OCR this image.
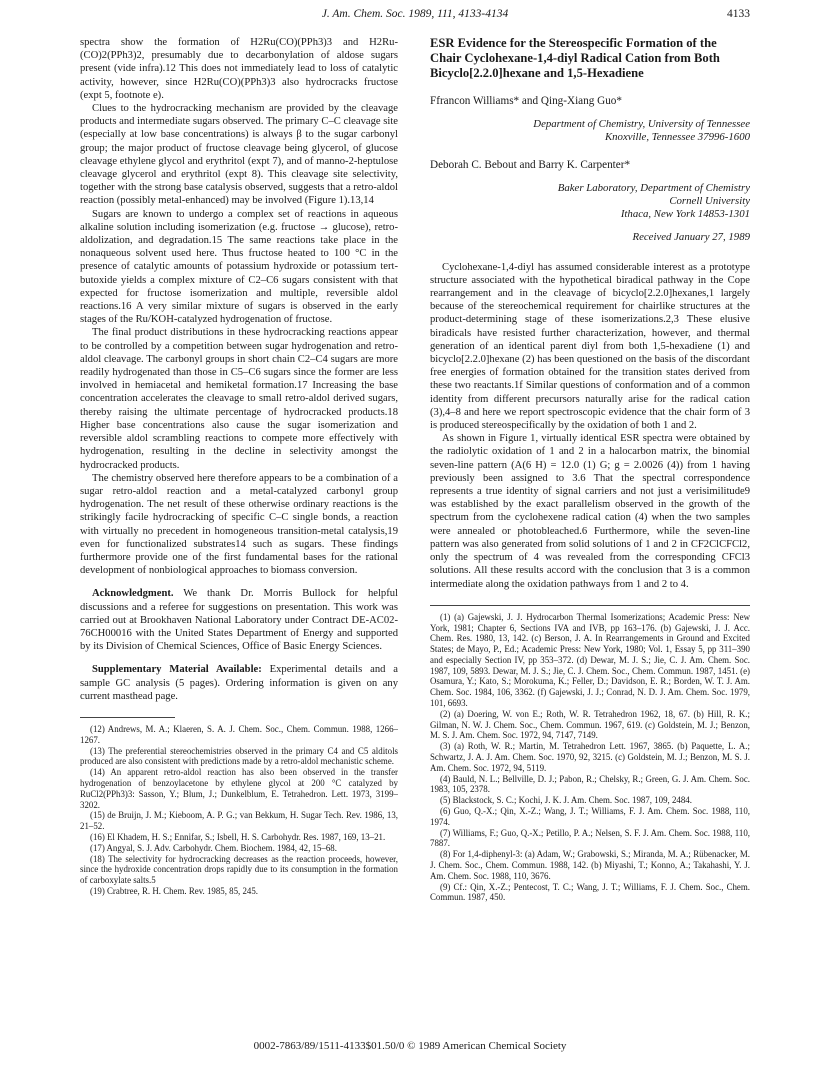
J. Am. Chem. Soc. 1989, 111, 4133-4134	4133

spectra show the formation of H2Ru(CO)(PPh3)3 and H2Ru-(CO)2(PPh3)2, presumably due to decarbonylation of aldose sugars present (vide infra).12 This does not immediately lead to loss of catalytic activity, however, since H2Ru(CO)(PPh3)3 also hydrocracks fructose (expt 5, footnote e).

Clues to the hydrocracking mechanism are provided by the cleavage products and intermediate sugars observed. The primary C–C cleavage site (especially at low base concentrations) is always β to the sugar carbonyl group; the major product of fructose cleavage being glycerol, of glucose cleavage ethylene glycol and erythritol (expt 7), and of manno-2-heptulose cleavage glycerol and erythritol (expt 8). This cleavage site selectivity, together with the strong base catalysis observed, suggests that a retro-aldol reaction (possibly metal-enhanced) may be involved (Figure 1).13,14

Sugars are known to undergo a complex set of reactions in aqueous alkaline solution including isomerization (e.g. fructose → glucose), retro-aldolization, and degradation.15 The same reactions take place in the nonaqueous solvent used here. Thus fructose heated to 100 °C in the presence of catalytic amounts of potassium hydroxide or potassium tert-butoxide yields a complex mixture of C2–C6 sugars consistent with that expected for fructose isomerization and multiple, reversible aldol reactions.16 A very similar mixture of sugars is observed in the early stages of the Ru/KOH-catalyzed hydrogenation of fructose.

The final product distributions in these hydrocracking reactions appear to be controlled by a competition between sugar hydrogenation and retro-aldol cleavage. The carbonyl groups in short chain C2–C4 sugars are more readily hydrogenated than those in C5–C6 sugars since the former are less involved in hemiacetal and hemiketal formation.17 Increasing the base concentration accelerates the cleavage to small retro-aldol derived sugars, thereby raising the ultimate percentage of hydrocracked products.18 Higher base concentrations also cause the sugar isomerization and reversible aldol scrambling reactions to compete more effectively with hydrogenation, resulting in the decline in selectivity amongst the hydrocracked products.

The chemistry observed here therefore appears to be a combination of a sugar retro-aldol reaction and a metal-catalyzed carbonyl group hydrogenation. The net result of these otherwise ordinary reactions is the strikingly facile hydrocracking of specific C–C single bonds, a reaction with virtually no precedent in homogeneous transition-metal catalysis,19 even for functionalized substrates14 such as sugars. These findings furthermore provide one of the first fundamental bases for the rational development of nonbiological approaches to biomass conversion.

Acknowledgment. We thank Dr. Morris Bullock for helpful discussions and a referee for suggestions on presentation. This work was carried out at Brookhaven National Laboratory under Contract DE-AC02-76CH00016 with the United States Department of Energy and supported by its Division of Chemical Sciences, Office of Basic Energy Sciences.

Supplementary Material Available: Experimental details and a sample GC analysis (5 pages). Ordering information is given on any current masthead page.

(12) Andrews, M. A.; Klaeren, S. A. J. Chem. Soc., Chem. Commun. 1988, 1266–1267.

(13) The preferential stereochemistries observed in the primary C4 and C5 alditols produced are also consistent with predictions made by a retro-aldol mechanistic scheme.

(14) An apparent retro-aldol reaction has also been observed in the transfer hydrogenation of benzoylacetone by ethylene glycol at 200 °C catalyzed by RuCl2(PPh3)3: Sasson, Y.; Blum, J.; Dunkelblum, E. Tetrahedron. Lett. 1973, 3199–3202.

(15) de Bruijn, J. M.; Kieboom, A. P. G.; van Bekkum, H. Sugar Tech. Rev. 1986, 13, 21–52.

(16) El Khadem, H. S.; Ennifar, S.; Isbell, H. S. Carbohydr. Res. 1987, 169, 13–21.

(17) Angyal, S. J. Adv. Carbohydr. Chem. Biochem. 1984, 42, 15–68.

(18) The selectivity for hydrocracking decreases as the reaction proceeds, however, since the hydroxide concentration drops rapidly due to its consumption in the formation of carboxylate salts.5

(19) Crabtree, R. H. Chem. Rev. 1985, 85, 245.

ESR Evidence for the Stereospecific Formation of the Chair Cyclohexane-1,4-diyl Radical Cation from Both Bicyclo[2.2.0]hexane and 1,5-Hexadiene

Ffrancon Williams* and Qing-Xiang Guo*
Department of Chemistry, University of Tennessee
Knoxville, Tennessee 37996-1600
Deborah C. Bebout and Barry K. Carpenter*
Baker Laboratory, Department of Chemistry
Cornell University
Ithaca, New York 14853-1301
Received January 27, 1989

Cyclohexane-1,4-diyl has assumed considerable interest as a prototype structure associated with the hypothetical biradical pathway in the Cope rearrangement and in the cleavage of bicyclo[2.2.0]hexanes,1 largely because of the stereochemical requirement for chairlike structures at the product-determining stage of these isomerizations.2,3 These elusive biradicals have resisted further characterization, however, and thermal generation of an identical parent diyl from both 1,5-hexadiene (1) and bicyclo[2.2.0]hexane (2) has been questioned on the basis of the discordant free energies of formation obtained for the transition states derived from these two reactants.1f Similar questions of conformation and of a common identity from different precursors naturally arise for the radical cation (3),4–8 and here we report spectroscopic evidence that the chair form of 3 is produced stereospecifically by the oxidation of both 1 and 2.

As shown in Figure 1, virtually identical ESR spectra were obtained by the radiolytic oxidation of 1 and 2 in a halocarbon matrix, the binomial seven-line pattern (A(6 H) = 12.0 (1) G; g = 2.0026 (4)) from 1 having previously been assigned to 3.6 That the spectral correspondence represents a true identity of signal carriers and not just a verisimilitude9 was established by the exact parallelism observed in the growth of the spectrum from the cyclohexene radical cation (4) when the two samples were annealed or photobleached.6 Furthermore, while the seven-line pattern was also generated from solid solutions of 1 and 2 in CF2ClCFCl2, only the spectrum of 4 was revealed from the corresponding CFCl3 solutions. All these results accord with the conclusion that 3 is a common intermediate along the oxidation pathways from 1 and 2 to 4.

(1) (a) Gajewski, J. J. Hydrocarbon Thermal Isomerizations; Academic Press: New York, 1981; Chapter 6, Sections IVA and IVB, pp 163–176. (b) Gajewski, J. J. Acc. Chem. Res. 1980, 13, 142. (c) Berson, J. A. In Rearrangements in Ground and Excited States; de Mayo, P., Ed.; Academic Press: New York, 1980; Vol. 1, Essay 5, pp 311–390 and especially Section IV, pp 353–372. (d) Dewar, M. J. S.; Jie, C. J. Am. Chem. Soc. 1987, 109, 5893. Dewar, M. J. S.; Jie, C. J. Chem. Soc., Chem. Commun. 1987, 1451. (e) Osamura, Y.; Kato, S.; Morokuma, K.; Feller, D.; Davidson, E. R.; Borden, W. T. J. Am. Chem. Soc. 1984, 106, 3362. (f) Gajewski, J. J.; Conrad, N. D. J. Am. Chem. Soc. 1979, 101, 6693.

(2) (a) Doering, W. von E.; Roth, W. R. Tetrahedron 1962, 18, 67. (b) Hill, R. K.; Gilman, N. W. J. Chem. Soc., Chem. Commun. 1967, 619. (c) Goldstein, M. J.; Benzon, M. S. J. Am. Chem. Soc. 1972, 94, 7147, 7149.

(3) (a) Roth, W. R.; Martin, M. Tetrahedron Lett. 1967, 3865. (b) Paquette, L. A.; Schwartz, J. A. J. Am. Chem. Soc. 1970, 92, 3215. (c) Goldstein, M. J.; Benzon, M. S. J. Am. Chem. Soc. 1972, 94, 5119.

(4) Bauld, N. L.; Bellville, D. J.; Pabon, R.; Chelsky, R.; Green, G. J. Am. Chem. Soc. 1983, 105, 2378.

(5) Blackstock, S. C.; Kochi, J. K. J. Am. Chem. Soc. 1987, 109, 2484.

(6) Guo, Q.-X.; Qin, X.-Z.; Wang, J. T.; Williams, F. J. Am. Chem. Soc. 1988, 110, 1974.

(7) Williams, F.; Guo, Q.-X.; Petillo, P. A.; Nelsen, S. F. J. Am. Chem. Soc. 1988, 110, 7887.

(8) For 1,4-diphenyl-3: (a) Adam, W.; Grabowski, S.; Miranda, M. A.; Rübenacker, M. J. Chem. Soc., Chem. Commun. 1988, 142. (b) Miyashi, T.; Konno, A.; Takahashi, Y. J. Am. Chem. Soc. 1988, 110, 3676.

(9) Cf.: Qin, X.-Z.; Pentecost, T. C.; Wang, J. T.; Williams, F. J. Chem. Soc., Chem. Commun. 1987, 450.

0002-7863/89/1511-4133$01.50/0 © 1989 American Chemical Society
